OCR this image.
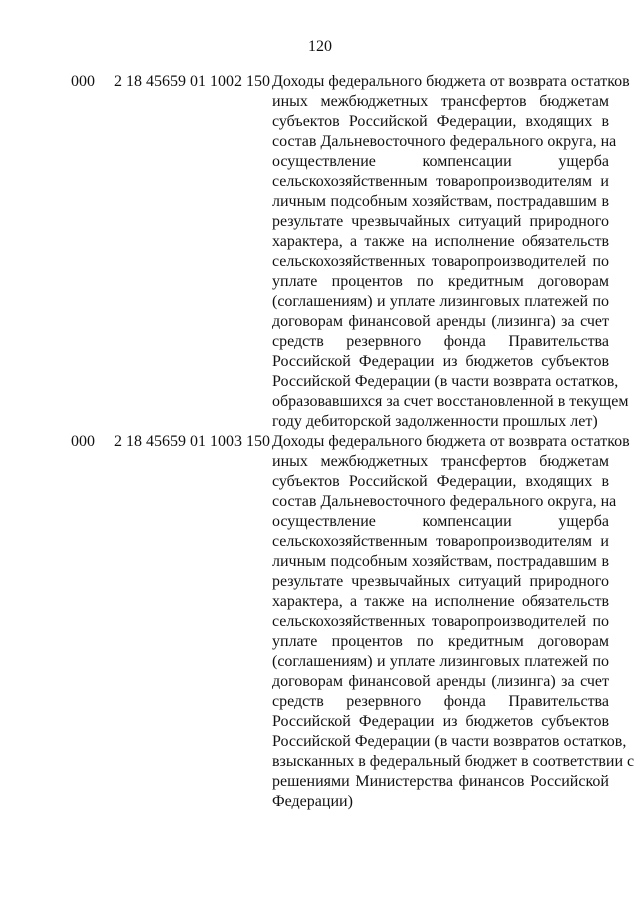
120
000 2 18 45659 01 1002 150 Доходы федерального бюджета от возврата остатков
иных межбюджетных трансфертов бюджетам
субъектов Российской Федерации, входящих в
состав Дальневосточного федерального округа, на
осуществление компенсации ущерба
сельскохозяйственным товаропроизводителям и
личным подсобным хозяйствам, пострадавшим в
результате чрезвычайных ситуаций природного
характера, а также на исполнение обязательств
сельскохозяйственных товаропроизводителей по
уплате процентов по кредитным договорам
(соглашениям) и уплате лизинговых платежей по
договорам финансовой аренды (лизинга) за счет
средств резервного фонда Правительства
Российской Федерации из бюджетов субъектов
Российской Федерации (в части возврата остатков,
образовавшихся за счет восстановленной в текущем
году дебиторской задолженности прошлых лет)
000 2 18 45659 01 1003 150 Доходы федерального бюджета от возврата остатков
иных межбюджетных трансфертов бюджетам
субъектов Российской Федерации, входящих в
состав Дальневосточного федерального округа, на
осуществление компенсации ущерба
сельскохозяйственным товаропроизводителям и
личным подсобным хозяйствам, пострадавшим в
результате чрезвычайных ситуаций природного
характера, а также на исполнение обязательств
сельскохозяйственных товаропроизводителей по
уплате процентов по кредитным договорам
(соглашениям) и уплате лизинговых платежей по
договорам финансовой аренды (лизинга) за счет
средств резервного фонда Правительства
Российской Федерации из бюджетов субъектов
Российской Федерации (в части возвратов остатков,
взысканных в федеральный бюджет в соответствии с
решениями Министерства финансов Российской
Федерации)
